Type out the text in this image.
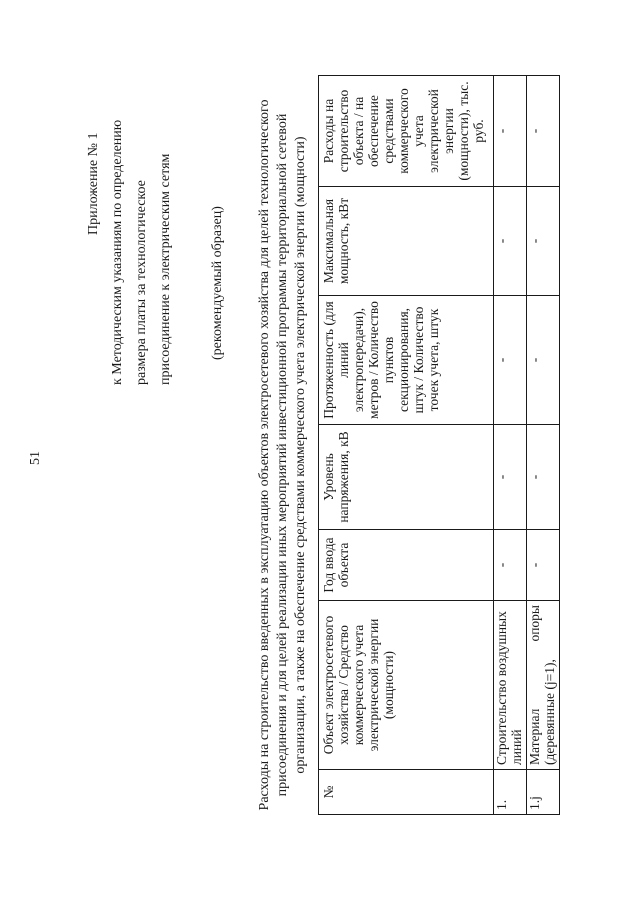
51
Приложение № 1 к Методическим указаниям по определению размера платы за технологическое присоединение к электрическим сетям	(рекомендуемый образец) Расходы на строительство введенных в эксплуатацию объектов электросетевого хозяйства для целей технологического присоединения и для целей реализации иных мероприятий инвестиционной программы территориальной сетевой организации, а также на обеспечение средствами коммерческого учета электрической энергии (мощности)
№	Объект электросетевого хозяйства / Средство коммерческого учета электрической энергии (мощности)	Год ввода объекта	Уровень напряжения, кВ	Протяженность (для линий электропередачи), метров / Количество пунктов секционирования, штук / Количество точек учета, штук	Максимальная мощность, кВт	Расходы на строительство объекта / на обеспечение средствами коммерческого учета электрической энергии (мощности), тыс. руб.
1.	Строительство воздушных линий	-	-	-	-	-
1.j	Материал опоры (деревянные (j=1),	-	-	-	-	-
